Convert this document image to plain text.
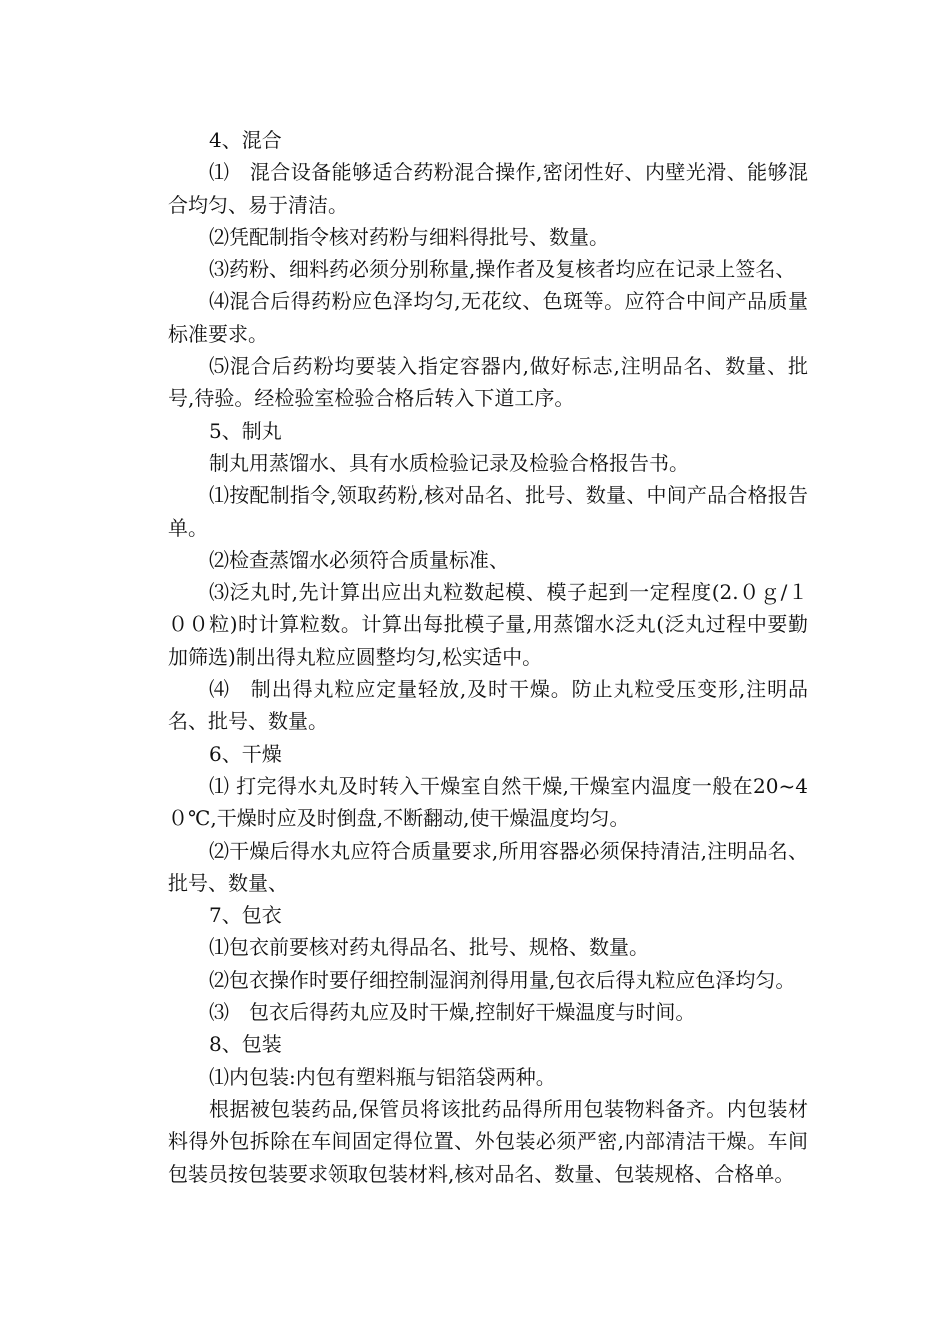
4、混合

⑴　混合设备能够适合药粉混合操作,密闭性好、内壁光滑、能够混合均匀、易于清洁。

⑵凭配制指令核对药粉与细料得批号、数量。

⑶药粉、细料药必须分别称量,操作者及复核者均应在记录上签名、

⑷混合后得药粉应色泽均匀,无花纹、色斑等。应符合中间产品质量标准要求。

⑸混合后药粉均要装入指定容器内,做好标志,注明品名、数量、批号,待验。经检验室检验合格后转入下道工序。

5、制丸

制丸用蒸馏水、具有水质检验记录及检验合格报告书。

⑴按配制指令,领取药粉,核对品名、批号、数量、中间产品合格报告单。

⑵检查蒸馏水必须符合质量标准、

⑶泛丸时,先计算出应出丸粒数起模、模子起到一定程度(2.０ｇ/１００粒)时计算粒数。计算出每批模子量,用蒸馏水泛丸(泛丸过程中要勤加筛选)制出得丸粒应圆整均匀,松实适中。

⑷　制出得丸粒应定量轻放,及时干燥。防止丸粒受压变形,注明品名、批号、数量。

6、干燥

⑴ 打完得水丸及时转入干燥室自然干燥,干燥室内温度一般在20~4０℃,干燥时应及时倒盘,不断翻动,使干燥温度均匀。

⑵干燥后得水丸应符合质量要求,所用容器必须保持清洁,注明品名、批号、数量、

7、包衣

⑴包衣前要核对药丸得品名、批号、规格、数量。

⑵包衣操作时要仔细控制湿润剂得用量,包衣后得丸粒应色泽均匀。

⑶　包衣后得药丸应及时干燥,控制好干燥温度与时间。

8、包装

⑴内包装:内包有塑料瓶与铝箔袋两种。

根据被包装药品,保管员将该批药品得所用包装物料备齐。内包装材料得外包拆除在车间固定得位置、外包装必须严密,内部清洁干燥。车间包装员按包装要求领取包装材料,核对品名、数量、包装规格、合格单。
